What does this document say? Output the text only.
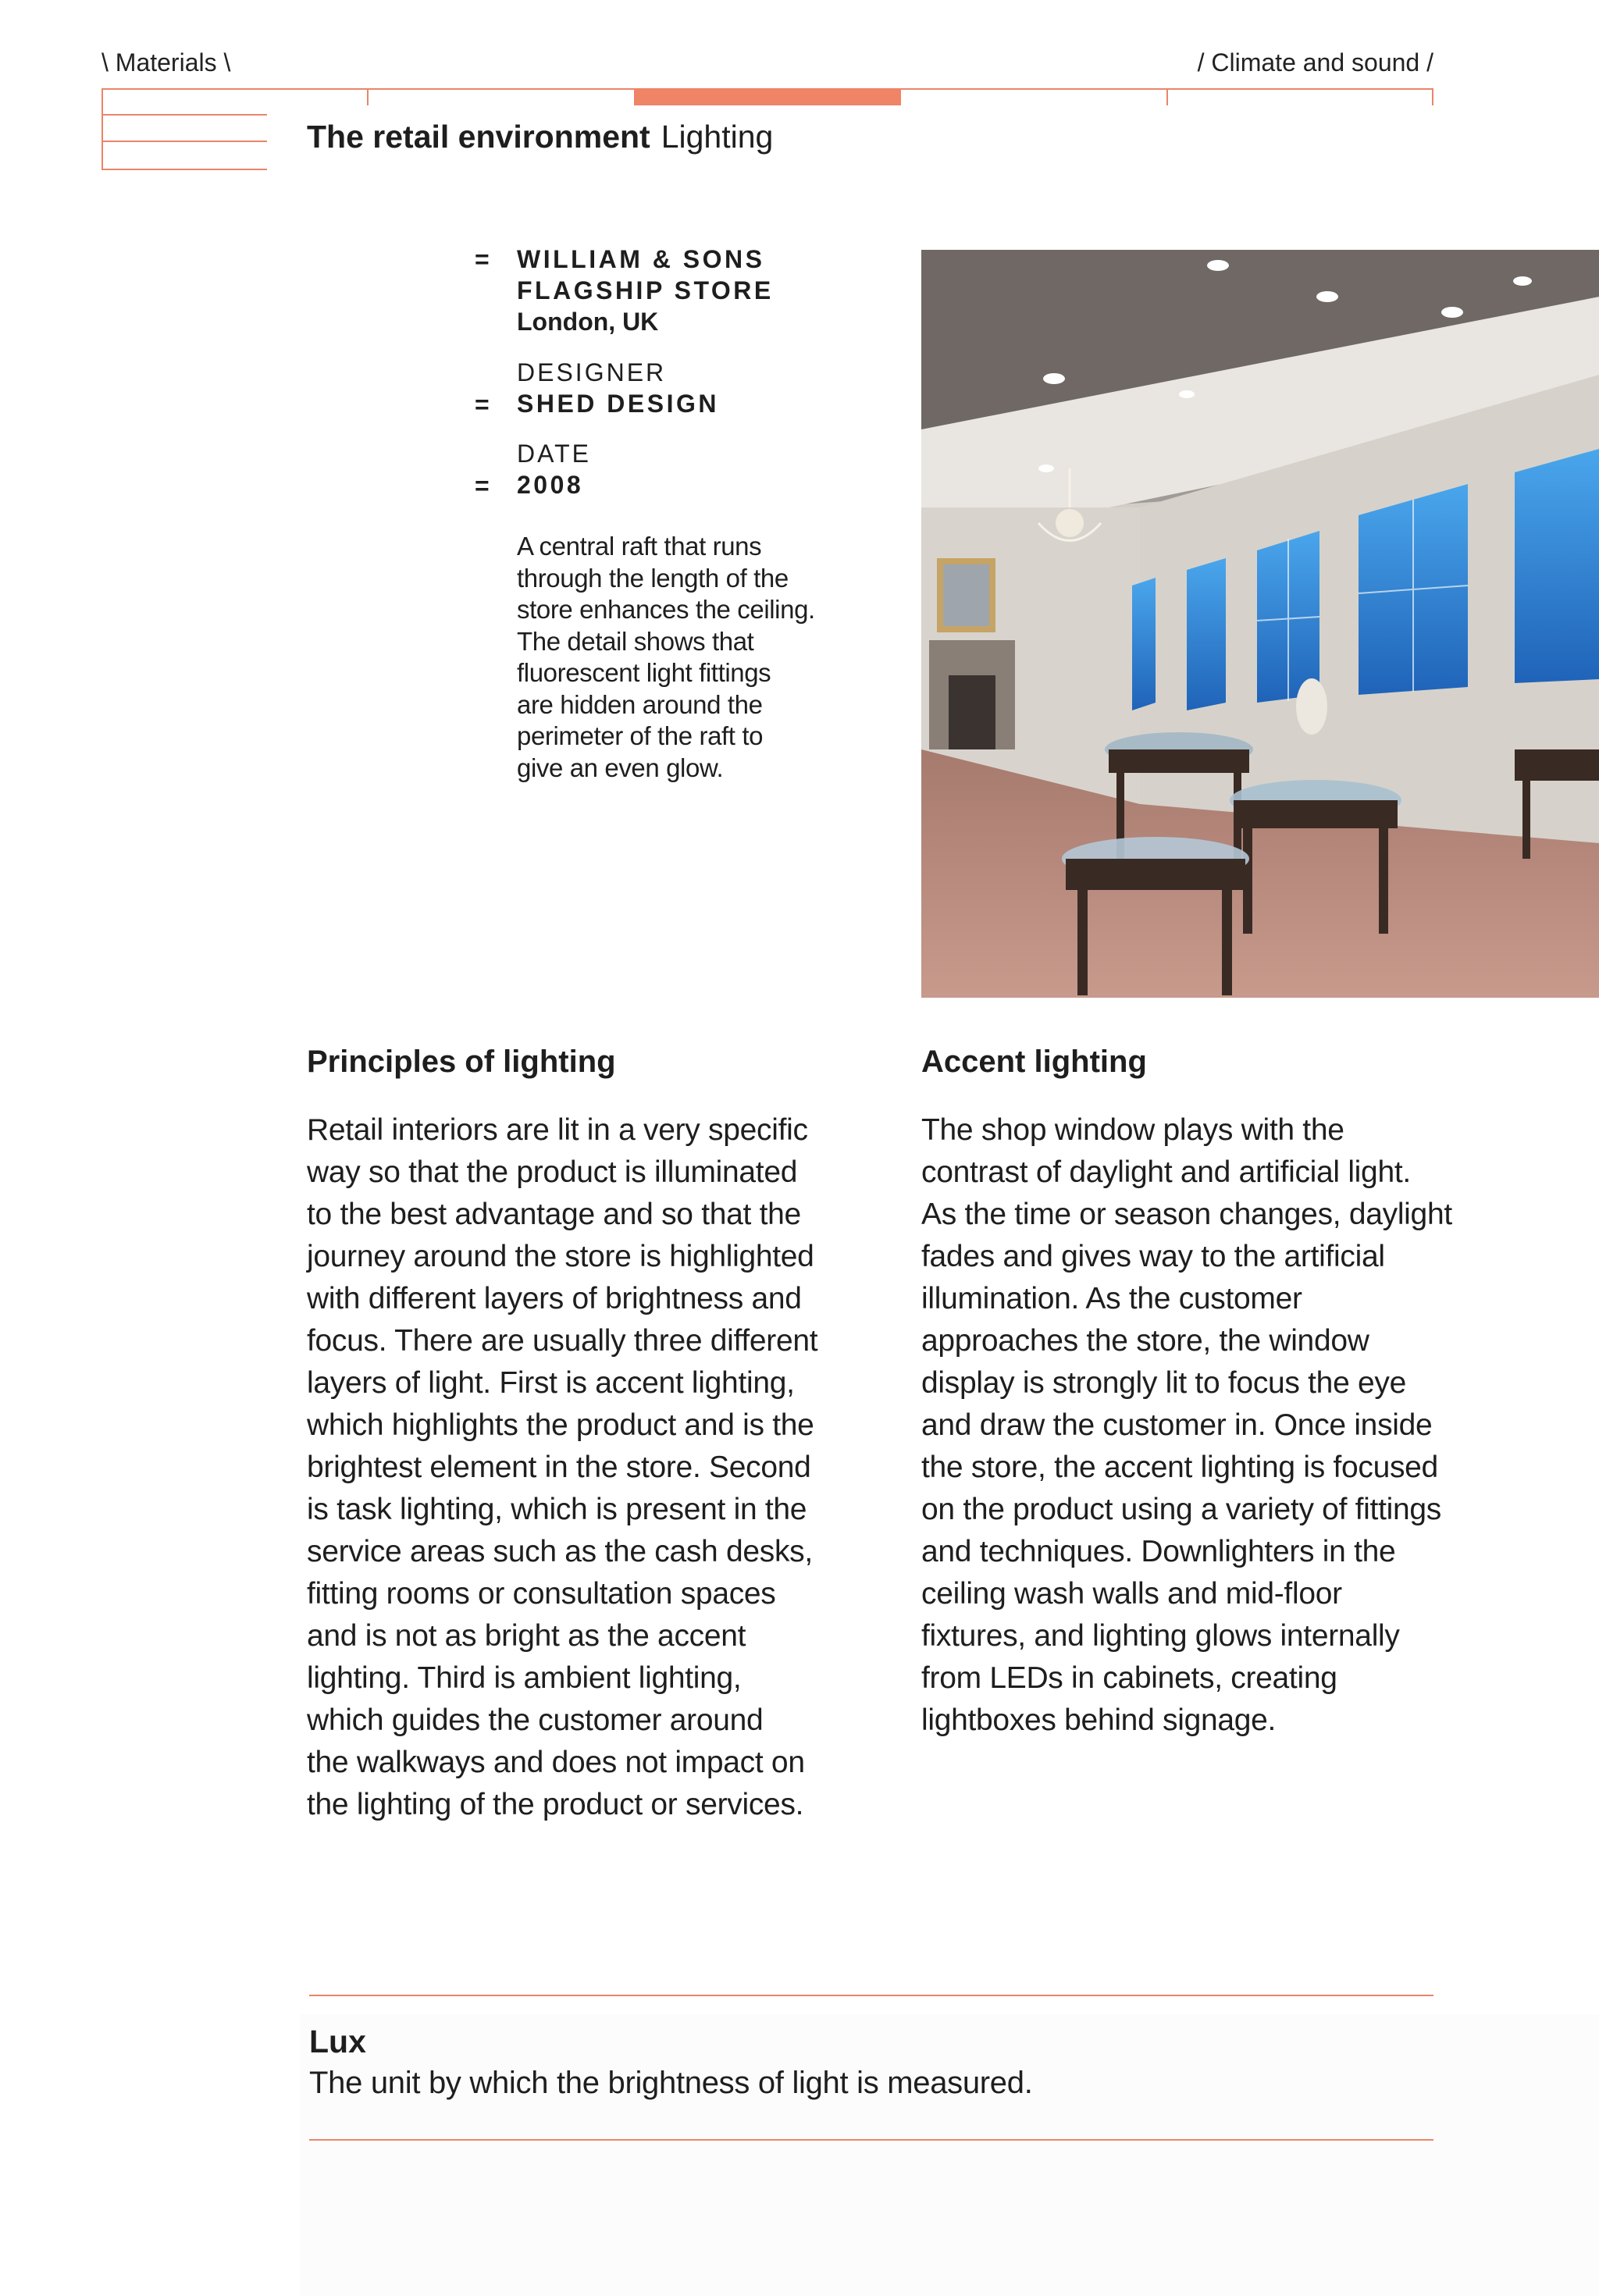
\ Materials \	/ Climate and sound /
The retail environment Lighting
= WILLIAM & SONS
FLAGSHIP STORE
London, UK
DESIGNER
= SHED DESIGN
DATE
= 2008
A central raft that runs
through the length of the
store enhances the ceiling.
The detail shows that
fluorescent light fittings
are hidden around the
perimeter of the raft to
give an even glow.
Principles of lighting
Retail interiors are lit in a very specific
way so that the product is illuminated
to the best advantage and so that the
journey around the store is highlighted
with different layers of brightness and
focus. There are usually three different
layers of light. First is accent lighting,
which highlights the product and is the
brightest element in the store. Second
is task lighting, which is present in the
service areas such as the cash desks,
fitting rooms or consultation spaces
and is not as bright as the accent
lighting. Third is ambient lighting,
which guides the customer around
the walkways and does not impact on
the lighting of the product or services.
Accent lighting
The shop window plays with the
contrast of daylight and artificial light.
As the time or season changes, daylight
fades and gives way to the artificial
illumination. As the customer
approaches the store, the window
display is strongly lit to focus the eye
and draw the customer in. Once inside
the store, the accent lighting is focused
on the product using a variety of fittings
and techniques. Downlighters in the
ceiling wash walls and mid-floor
fixtures, and lighting glows internally
from LEDs in cabinets, creating
lightboxes behind signage.
Lux
The unit by which the brightness of light is measured.
